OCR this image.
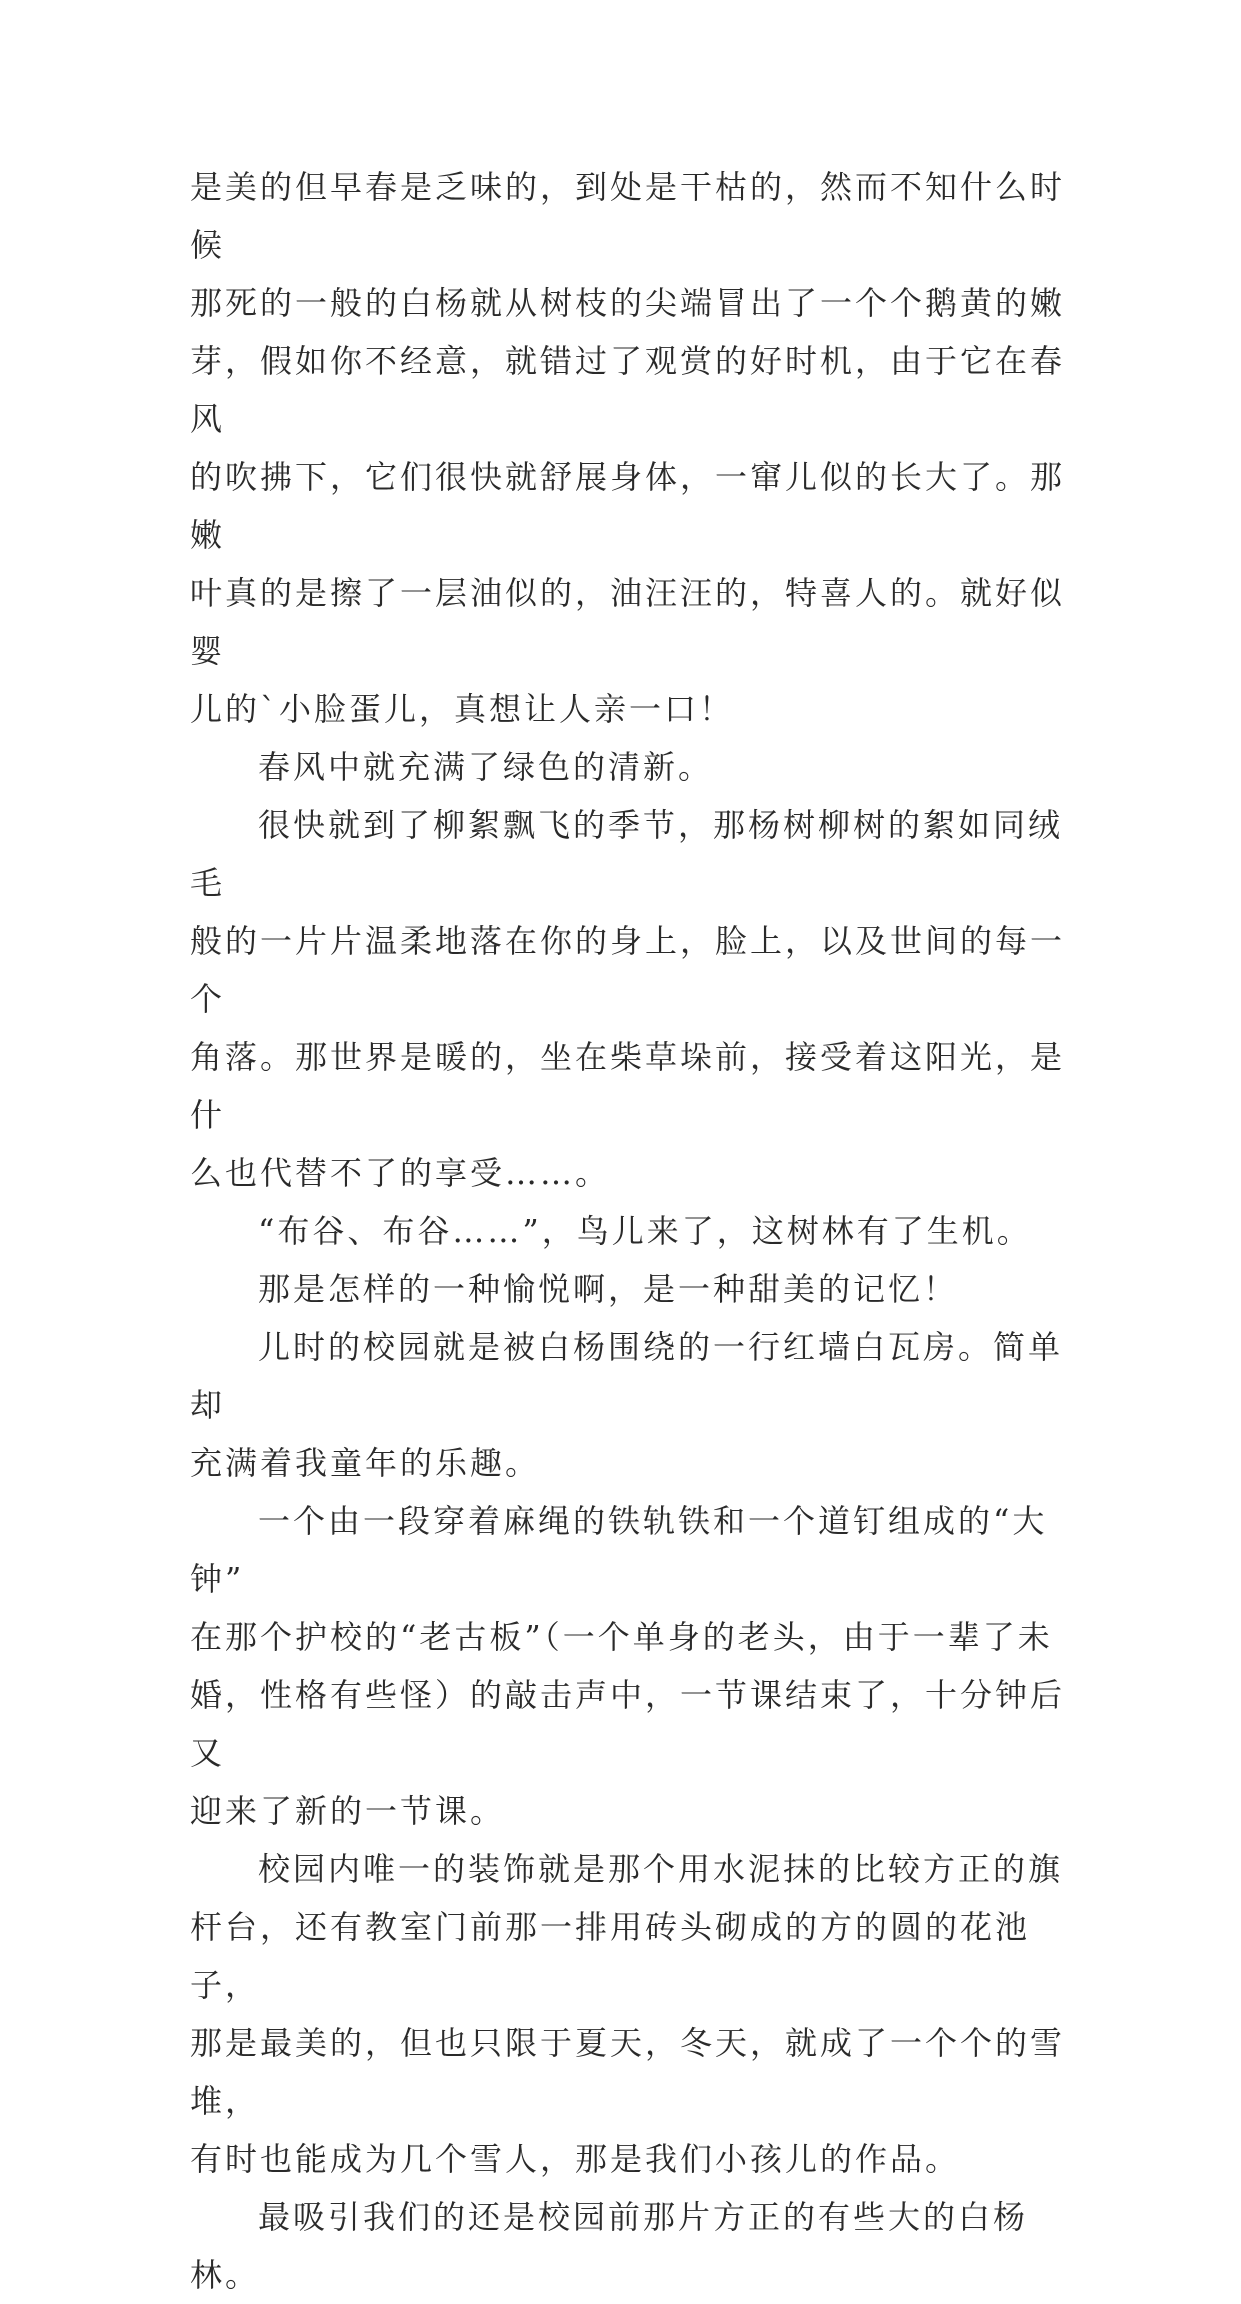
是美的但早春是乏味的，到处是干枯的，然而不知什么时候
那死的一般的白杨就从树枝的尖端冒出了一个个鹅黄的嫩
芽，假如你不经意，就错过了观赏的好时机，由于它在春风
的吹拂下，它们很快就舒展身体，一窜儿似的长大了。那嫩
叶真的是擦了一层油似的，油汪汪的，特喜人的。就好似婴
儿的`小脸蛋儿，真想让人亲一口！

春风中就充满了绿色的清新。

很快就到了柳絮飘飞的季节，那杨树柳树的絮如同绒毛
般的一片片温柔地落在你的身上，脸上，以及世间的每一个
角落。那世界是暖的，坐在柴草垛前，接受着这阳光，是什
么也代替不了的享受……。

“布谷、布谷……”，鸟儿来了，这树林有了生机。

那是怎样的一种愉悦啊，是一种甜美的记忆！

儿时的校园就是被白杨围绕的一行红墙白瓦房。简单却
充满着我童年的乐趣。

一个由一段穿着麻绳的铁轨铁和一个道钉组成的“大钟”
在那个护校的“老古板”（一个单身的老头，由于一辈了未
婚，性格有些怪）的敲击声中，一节课结束了，十分钟后又
迎来了新的一节课。

校园内唯一的装饰就是那个用水泥抹的比较方正的旗
杆台，还有教室门前那一排用砖头砌成的方的圆的花池子，
那是最美的，但也只限于夏天，冬天，就成了一个个的雪堆，
有时也能成为几个雪人，那是我们小孩儿的作品。

最吸引我们的还是校园前那片方正的有些大的白杨林。
